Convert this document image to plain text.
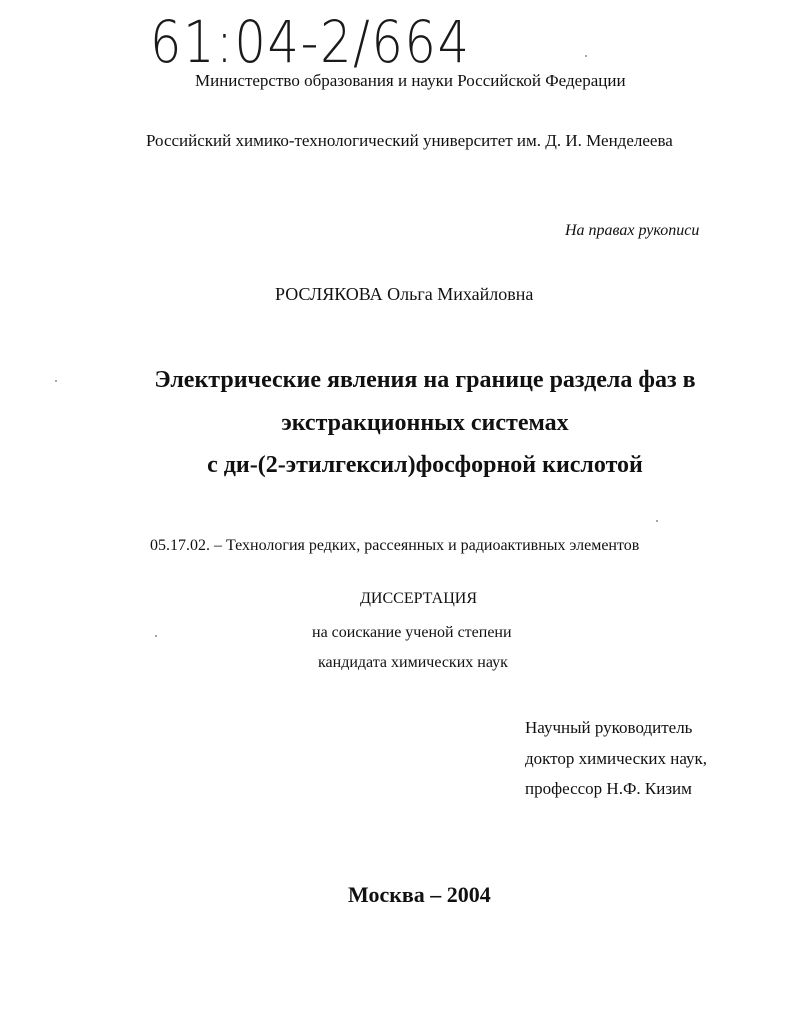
61:04-2/664
Министерство образования и науки Российской Федерации
Российский химико-технологический университет им. Д. И. Менделеева
На правах рукописи
РОСЛЯКОВА Ольга Михайловна
Электрические явления на границе раздела фаз в
экстракционных системах
с ди-(2-этилгексил)фосфорной кислотой
05.17.02. – Технология редких, рассеянных и радиоактивных элементов
ДИССЕРТАЦИЯ
на соискание ученой степени
кандидата химических наук
Научный руководитель
доктор химических наук,
профессор Н.Ф. Кизим
Москва – 2004
